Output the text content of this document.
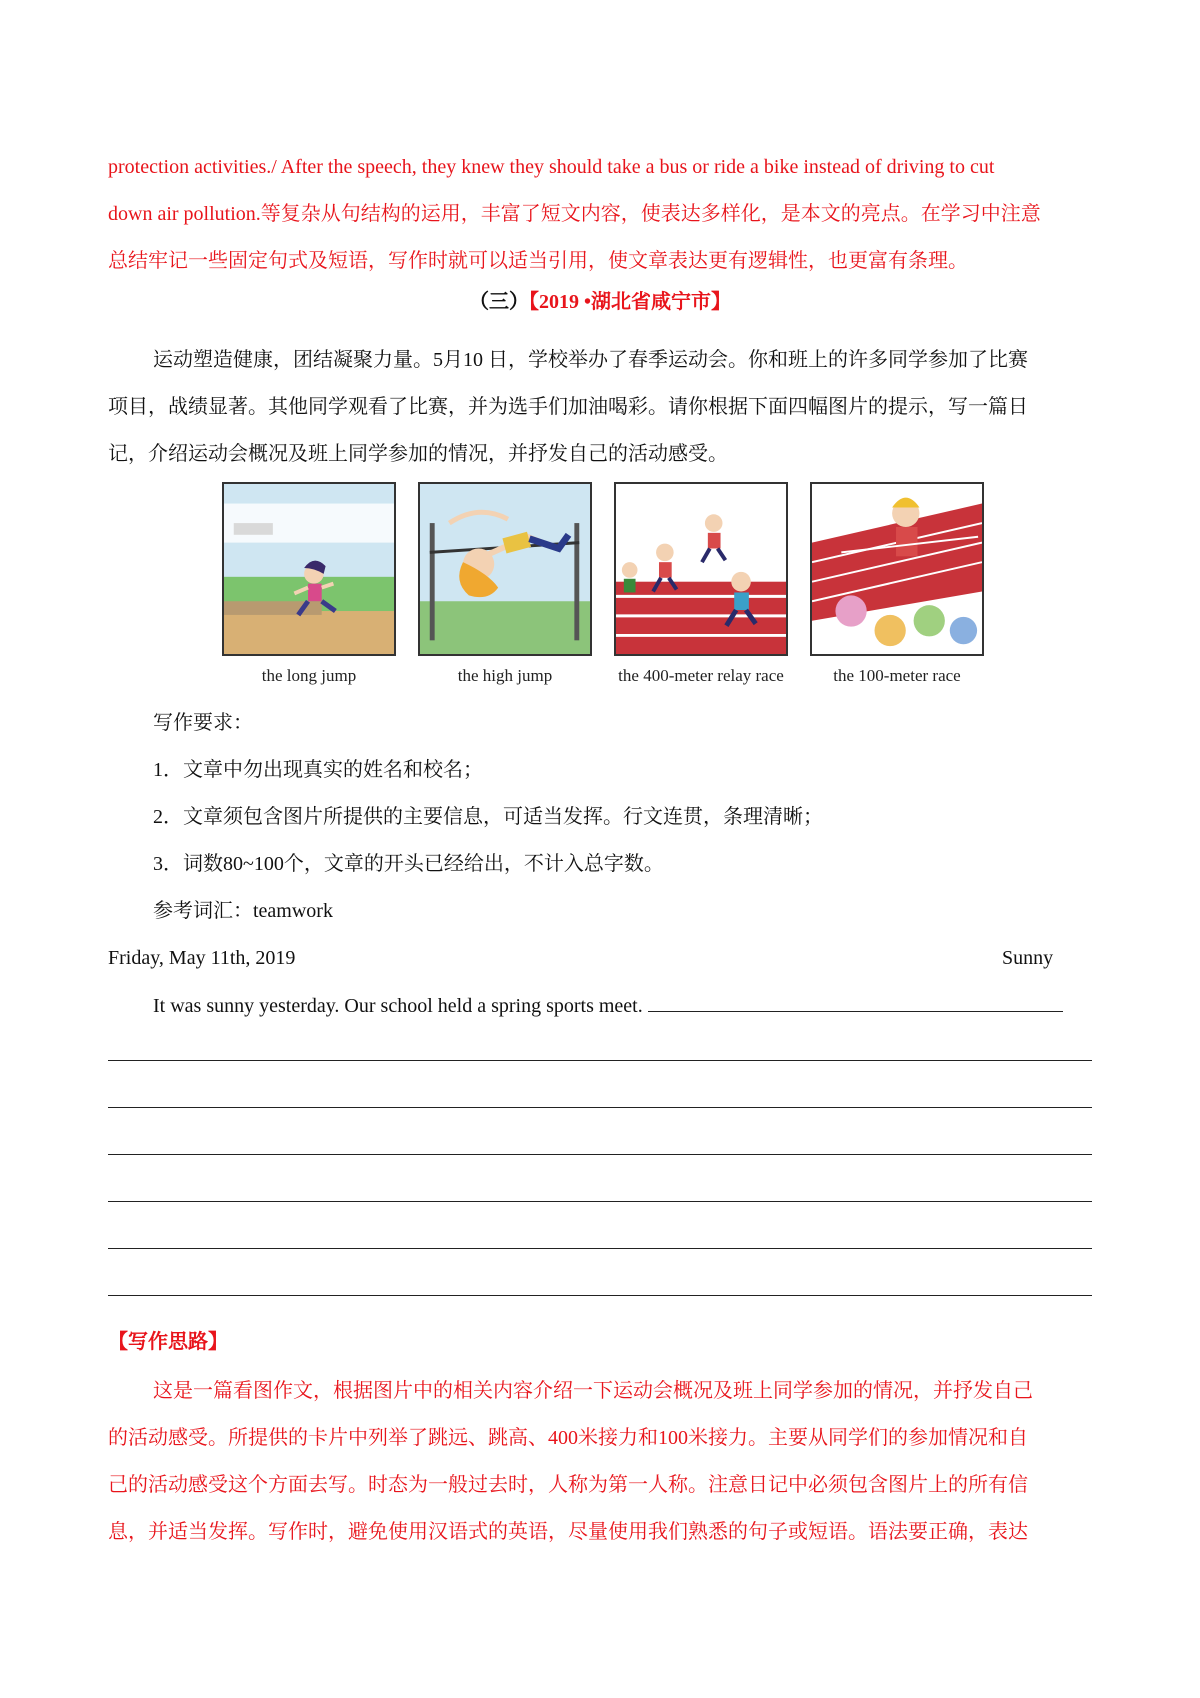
protection activities./ After the speech, they knew they should take a bus or ride a bike instead of driving to cut
down air pollution.等复杂从句结构的运用，丰富了短文内容，使表达多样化，是本文的亮点。在学习中注意
总结牢记一些固定句式及短语，写作时就可以适当引用，使文章表达更有逻辑性，也更富有条理。
（三）【2019 •湖北省咸宁市】
运动塑造健康，团结凝聚力量。5月10 日，学校举办了春季运动会。你和班上的许多同学参加了比赛
项目，战绩显著。其他同学观看了比赛，并为选手们加油喝彩。请你根据下面四幅图片的提示，写一篇日
记，介绍运动会概况及班上同学参加的情况，并抒发自己的活动感受。
the long jump	the high jump	the 400-meter relay race	the 100-meter race
写作要求：
1．文章中勿出现真实的姓名和校名；
2．文章须包含图片所提供的主要信息，可适当发挥。行文连贯，条理清晰；
3．词数80~100个，文章的开头已经给出，不计入总字数。
参考词汇：teamwork
Friday, May 11th, 2019	Sunny
It was sunny yesterday. Our school held a spring sports meet.
【写作思路】
这是一篇看图作文，根据图片中的相关内容介绍一下运动会概况及班上同学参加的情况，并抒发自己
的活动感受。所提供的卡片中列举了跳远、跳高、400米接力和100米接力。主要从同学们的参加情况和自
己的活动感受这个方面去写。时态为一般过去时，人称为第一人称。注意日记中必须包含图片上的所有信
息，并适当发挥。写作时，避免使用汉语式的英语，尽量使用我们熟悉的句子或短语。语法要正确，表达
